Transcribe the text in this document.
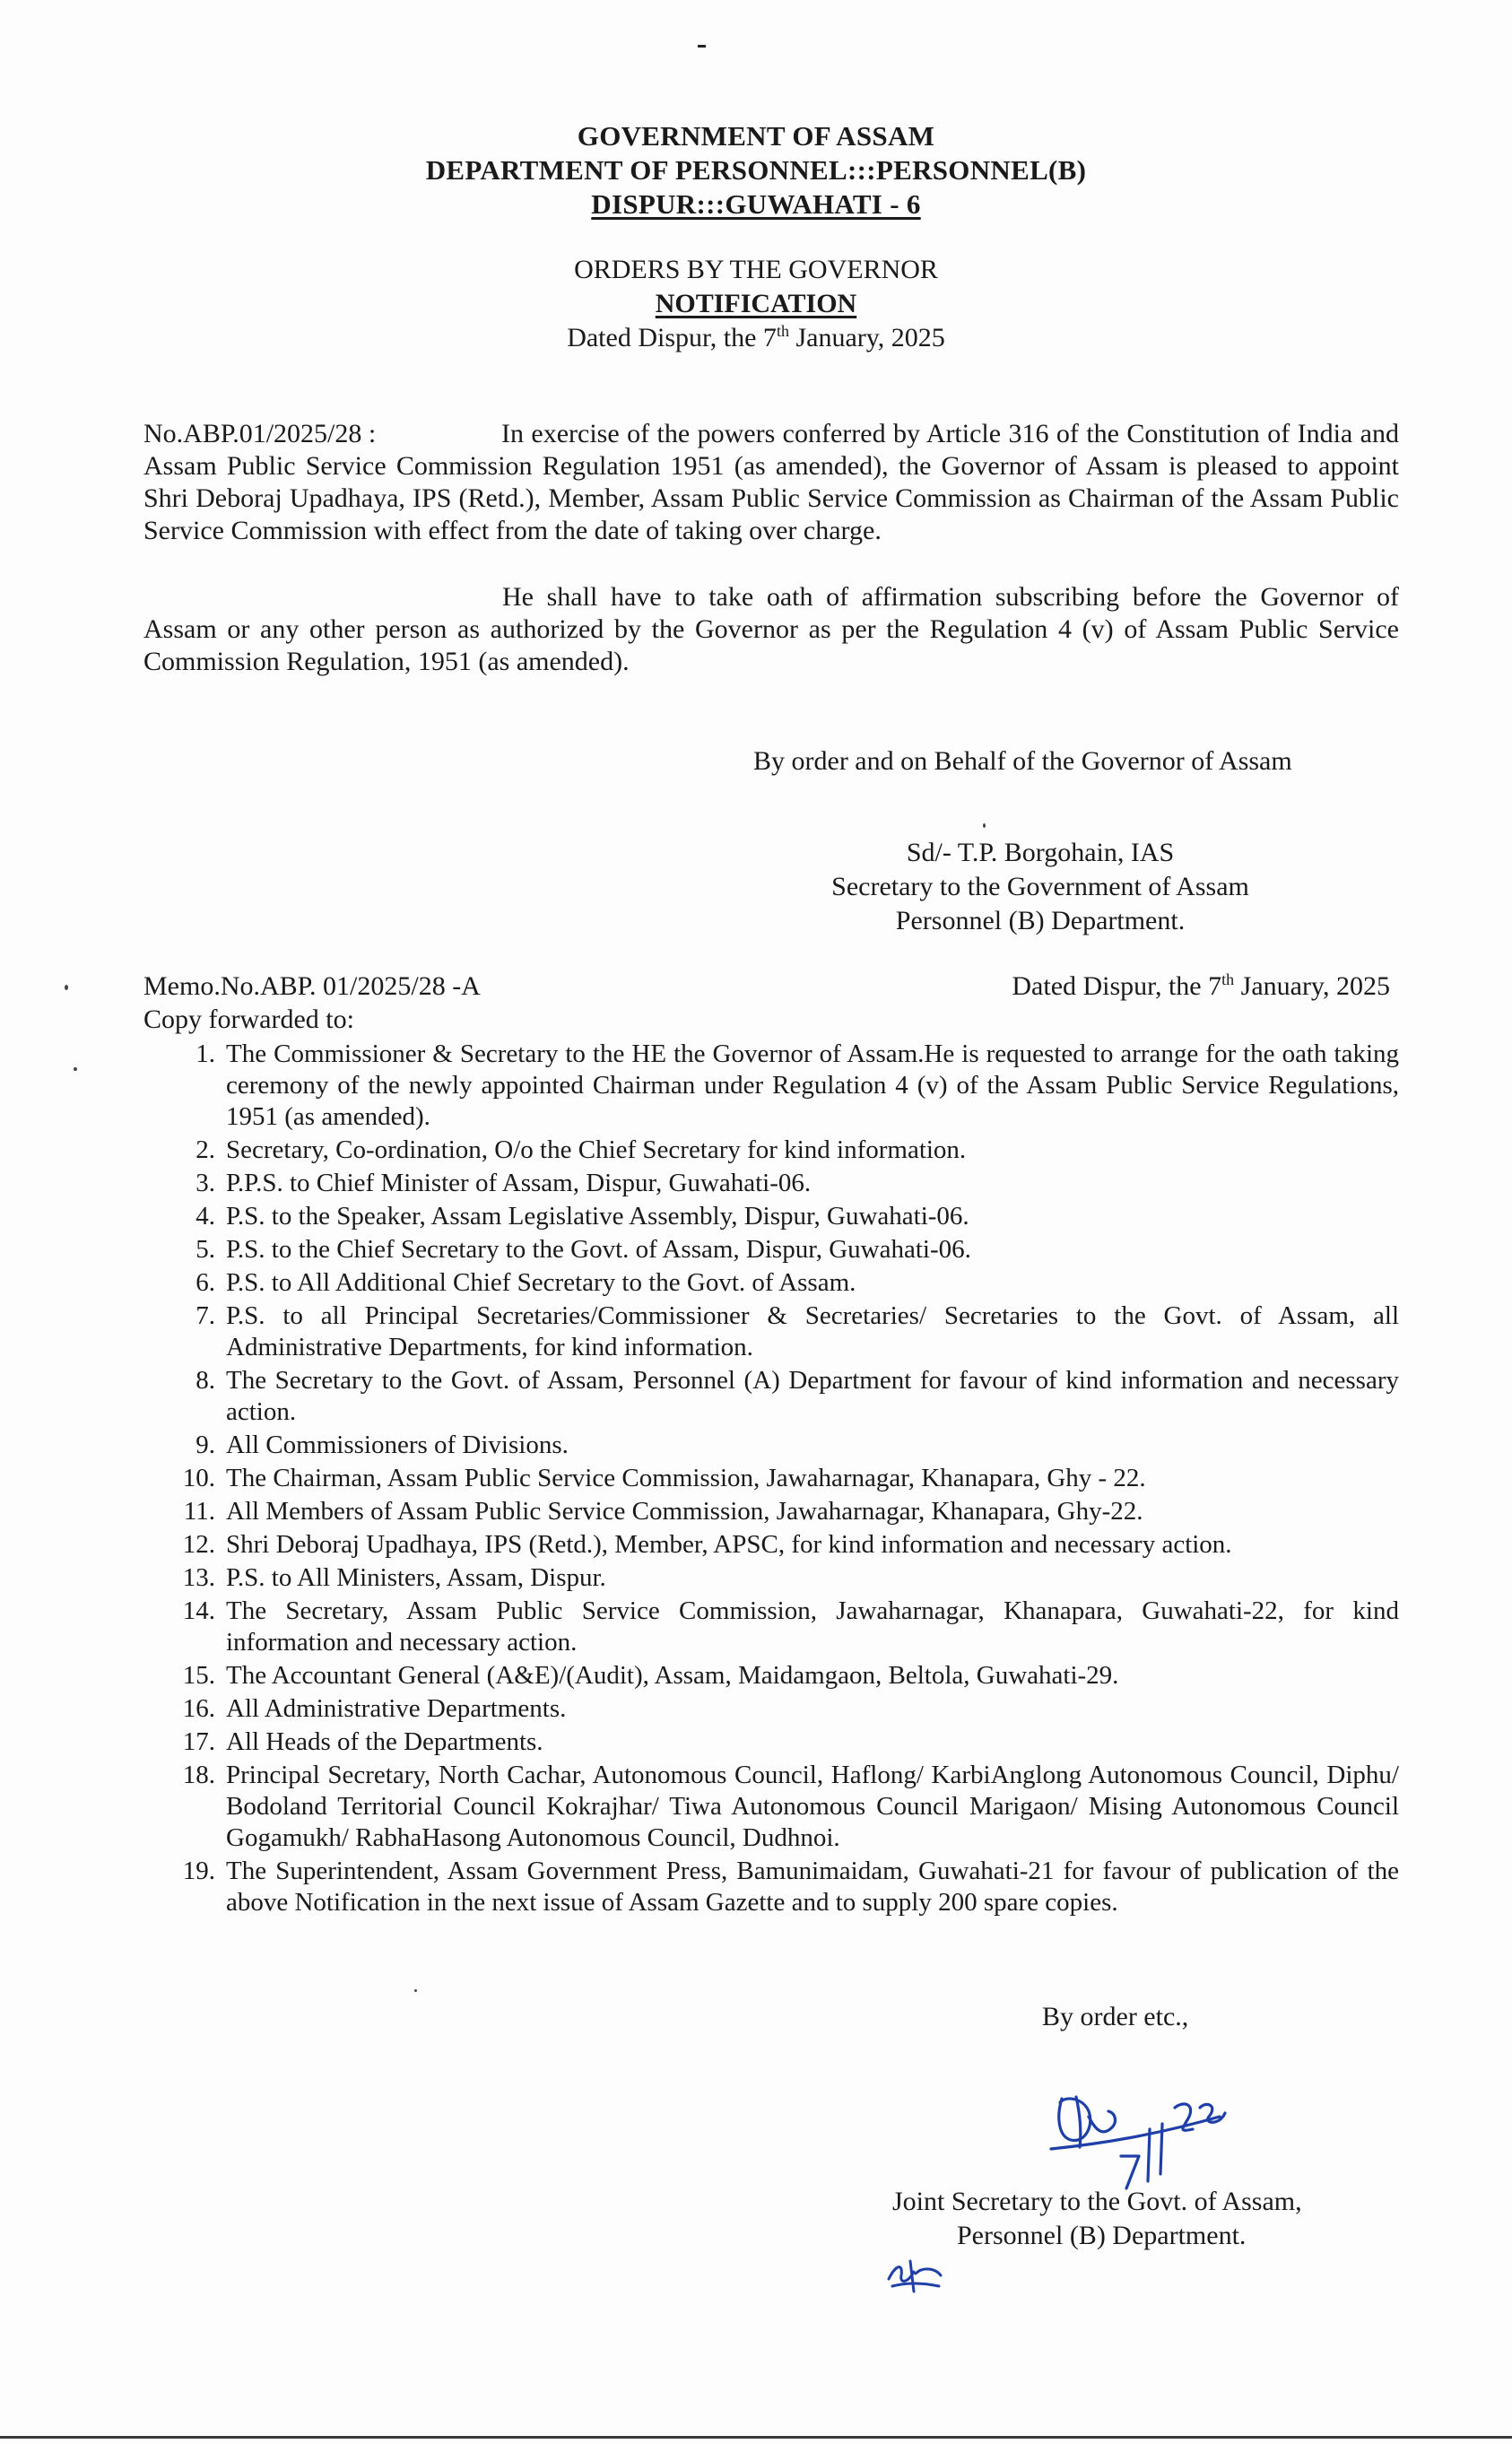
GOVERNMENT OF ASSAM
DEPARTMENT OF PERSONNEL:::PERSONNEL(B)
DISPUR:::GUWAHATI - 6
ORDERS BY THE GOVERNOR
NOTIFICATION
Dated Dispur, the 7th January, 2025
No.ABP.01/2025/28 :	In exercise of the powers conferred by Article 316 of the Constitution of India and Assam Public Service Commission Regulation 1951 (as amended), the Governor of Assam is pleased to appoint Shri Deboraj Upadhaya, IPS (Retd.), Member, Assam Public Service Commission as Chairman of the Assam Public Service Commission with effect from the date of taking over charge.
He shall have to take oath of affirmation subscribing before the Governor of Assam or any other person as authorized by the Governor as per the Regulation 4 (v) of Assam Public Service Commission Regulation, 1951 (as amended).
By order and on Behalf of the Governor of Assam
Sd/- T.P. Borgohain, IAS
Secretary to the Government of Assam
Personnel (B) Department.
Memo.No.ABP. 01/2025/28 -A	Dated Dispur, the 7th January, 2025
Copy forwarded to:
1. The Commissioner & Secretary to the HE the Governor of Assam.He is requested to arrange for the oath taking ceremony of the newly appointed Chairman under Regulation 4 (v) of the Assam Public Service Regulations, 1951 (as amended).
2. Secretary, Co-ordination, O/o the Chief Secretary for kind information.
3. P.P.S. to Chief Minister of Assam, Dispur, Guwahati-06.
4. P.S. to the Speaker, Assam Legislative Assembly, Dispur, Guwahati-06.
5. P.S. to the Chief Secretary to the Govt. of Assam, Dispur, Guwahati-06.
6. P.S. to All Additional Chief Secretary to the Govt. of Assam.
7. P.S. to all Principal Secretaries/Commissioner & Secretaries/ Secretaries to the Govt. of Assam, all Administrative Departments, for kind information.
8. The Secretary to the Govt. of Assam, Personnel (A) Department for favour of kind information and necessary action.
9. All Commissioners of Divisions.
10. The Chairman, Assam Public Service Commission, Jawaharnagar, Khanapara, Ghy - 22.
11. All Members of Assam Public Service Commission, Jawaharnagar, Khanapara, Ghy-22.
12. Shri Deboraj Upadhaya, IPS (Retd.), Member, APSC, for kind information and necessary action.
13. P.S. to All Ministers, Assam, Dispur.
14. The Secretary, Assam Public Service Commission, Jawaharnagar, Khanapara, Guwahati-22, for kind information and necessary action.
15. The Accountant General (A&E)/(Audit), Assam, Maidamgaon, Beltola, Guwahati-29.
16. All Administrative Departments.
17. All Heads of the Departments.
18. Principal Secretary, North Cachar, Autonomous Council, Haflong/ KarbiAnglong Autonomous Council, Diphu/ Bodoland Territorial Council Kokrajhar/ Tiwa Autonomous Council Marigaon/ Mising Autonomous Council Gogamukh/ RabhaHasong Autonomous Council, Dudhnoi.
19. The Superintendent, Assam Government Press, Bamunimaidam, Guwahati-21 for favour of publication of the above Notification in the next issue of Assam Gazette and to supply 200 spare copies.
By order etc.,
Joint Secretary to the Govt. of Assam,
Personnel (B) Department.
